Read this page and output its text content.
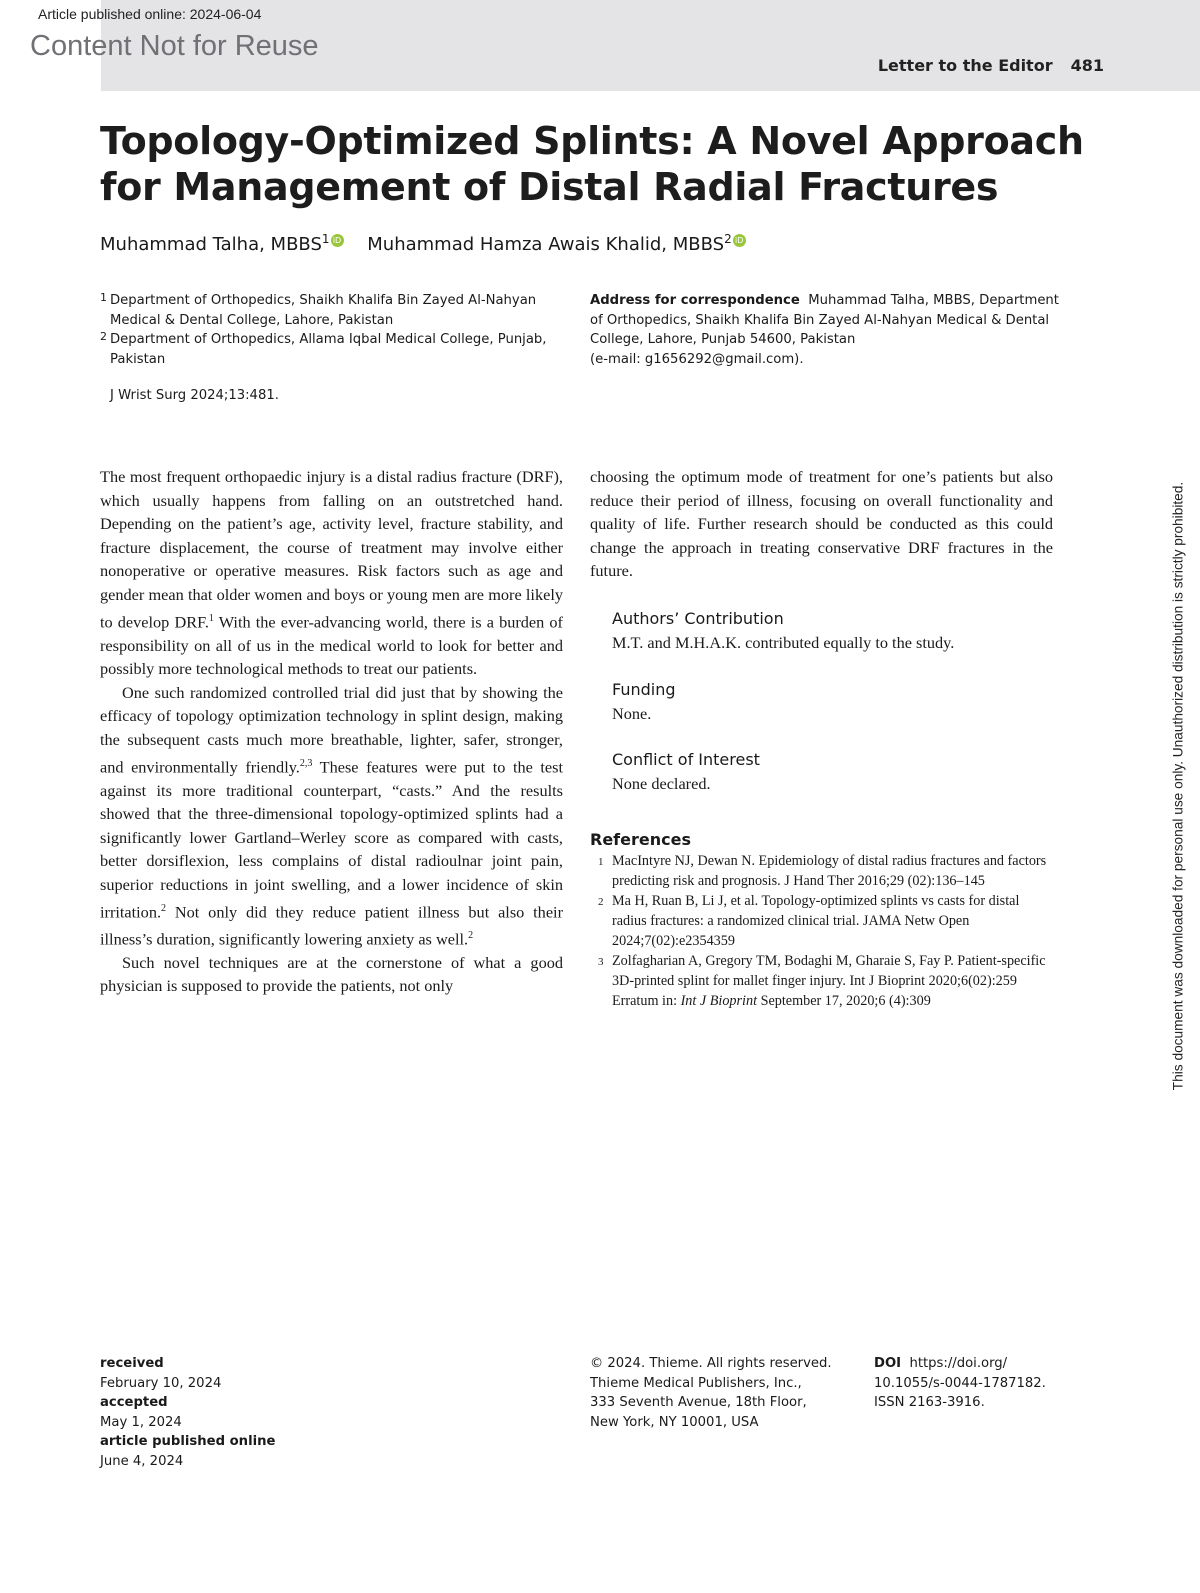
Article published online: 2024-06-04
Content Not for Reuse
Letter to the Editor 481
Topology-Optimized Splints: A Novel Approach
for Management of Distal Radial Fractures
Muhammad Talha, MBBS$^1$ iD Muhammad Hamza Awais Khalid, MBBS$^2$ iD
1 Department of Orthopedics, Shaikh Khalifa Bin Zayed Al-Nahyan Medical & Dental College, Lahore, Pakistan
2 Department of Orthopedics, Allama Iqbal Medical College, Punjab, Pakistan
Address for correspondence Muhammad Talha, MBBS, Department of Orthopedics, Shaikh Khalifa Bin Zayed Al-Nahyan Medical & Dental College, Lahore, Punjab 54600, Pakistan
(e-mail: g1656292@gmail.com).
J Wrist Surg 2024;13:481.

The most frequent orthopaedic injury is a distal radius fracture (DRF), which usually happens from falling on an outstretched hand. Depending on the patient’s age, activity level, fracture stability, and fracture displacement, the course of treatment may involve either nonoperative or operative measures. Risk factors such as age and gender mean that older women and boys or young men are more likely to develop DRF.$^1$ With the ever-advancing world, there is a burden of responsibility on all of us in the medical world to look for better and possibly more technological methods to treat our patients.

One such randomized controlled trial did just that by showing the efficacy of topology optimization technology in splint design, making the subsequent casts much more breathable, lighter, safer, stronger, and environmentally friendly.$^{2,3}$ These features were put to the test against its more traditional counterpart, “casts.” And the results showed that the three-dimensional topology-optimized splints had a significantly lower Gartland–Werley score as compared with casts, better dorsiflexion, less complains of distal radioulnar joint pain, superior reductions in joint swelling, and a lower incidence of skin irritation.$^2$ Not only did they reduce patient illness but also their illness’s duration, significantly lowering anxiety as well.$^2$

Such novel techniques are at the cornerstone of what a good physician is supposed to provide the patients, not only

choosing the optimum mode of treatment for one’s patients but also reduce their period of illness, focusing on overall functionality and quality of life. Further research should be conducted as this could change the approach in treating conservative DRF fractures in the future.

Authors’ Contribution
M.T. and M.H.A.K. contributed equally to the study.
Funding
None.
Conflict of Interest
None declared.
References
1 MacIntyre NJ, Dewan N. Epidemiology of distal radius fractures and factors predicting risk and prognosis. J Hand Ther 2016;29 (02):136–145
2 Ma H, Ruan B, Li J, et al. Topology-optimized splints vs casts for distal radius fractures: a randomized clinical trial. JAMA Netw Open 2024;7(02):e2354359
3 Zolfagharian A, Gregory TM, Bodaghi M, Gharaie S, Fay P. Patient-specific 3D-printed splint for mallet finger injury. Int J Bioprint 2020;6(02):259 Erratum in: Int J Bioprint September 17, 2020;6 (4):309	This document was downloaded for personal use only. Unauthorized distribution is strictly prohibited.
received
February 10, 2024
accepted
May 1, 2024
article published online
June 4, 2024
© 2024. Thieme. All rights reserved.
Thieme Medical Publishers, Inc.,
333 Seventh Avenue, 18th Floor,
New York, NY 10001, USA
DOI https://doi.org/
10.1055/s-0044-1787182.
ISSN 2163-3916.
